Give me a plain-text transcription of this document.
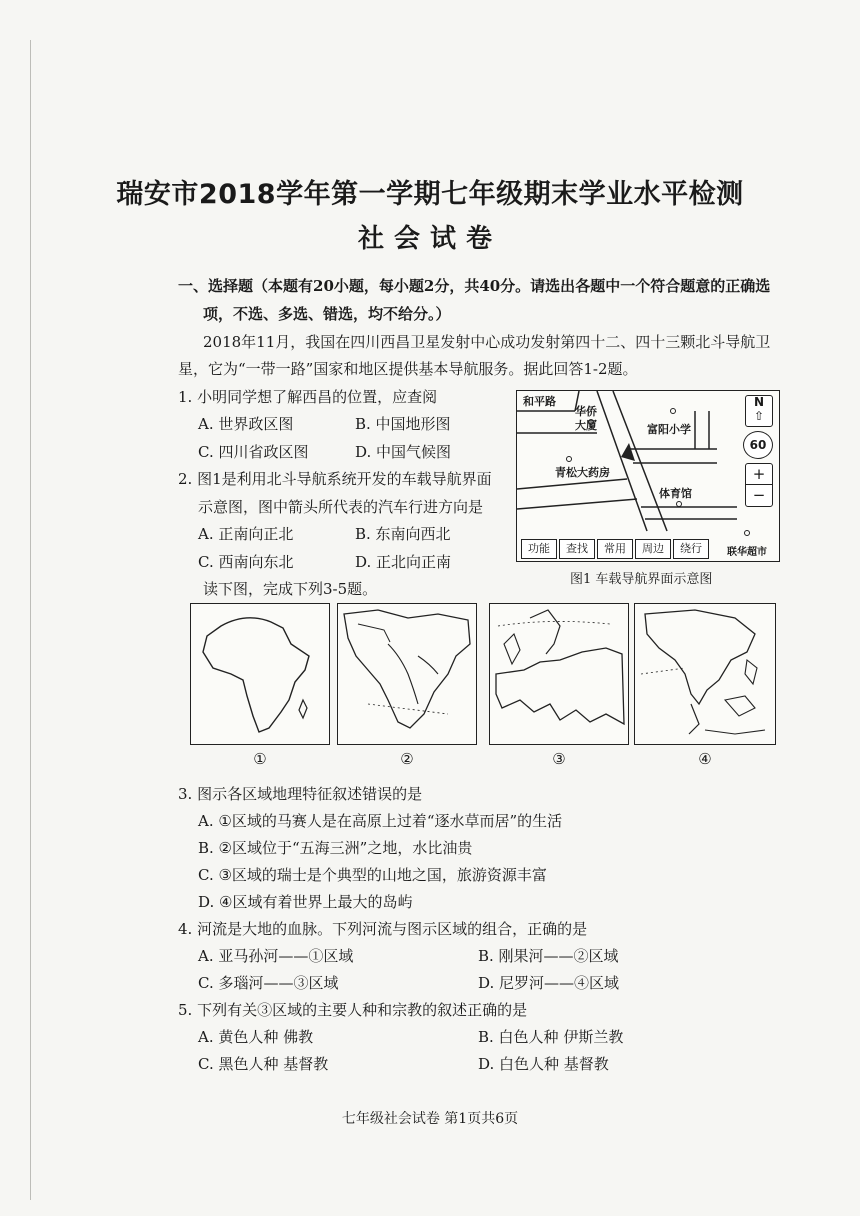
瑞安市2018学年第一学期七年级期末学业水平检测
社会试卷
一、选择题（本题有20小题，每小题2分，共40分。请选出各题中一个符合题意的正确选
项，不选、多选、错选，均不给分。）
2018年11月，我国在四川西昌卫星发射中心成功发射第四十二、四十三颗北斗导航卫
星，它为“一带一路”国家和地区提供基本导航服务。据此回答1-2题。
1. 小明同学想了解西昌的位置，应查阅
A. 世界政区图	B. 中国地形图
C. 四川省政区图	D. 中国气候图
2. 图1是利用北斗导航系统开发的车载导航界面
示意图，图中箭头所代表的汽车行进方向是
A. 正南向正北	B. 东南向西北
C. 西南向东北	D. 正北向正南
和平路
华侨
大厦	富阳小学
青松大药房
体育馆
联华超市
N
⇧
60
+
−
功能	查找	常用	周边	绕行
图1 车载导航界面示意图
读下图，完成下列3-5题。
①	②	③	④
3. 图示各区域地理特征叙述错误的是
A. ①区域的马赛人是在高原上过着“逐水草而居”的生活
B. ②区域位于“五海三洲”之地，水比油贵
C. ③区域的瑞士是个典型的山地之国，旅游资源丰富
D. ④区域有着世界上最大的岛屿
4. 河流是大地的血脉。下列河流与图示区域的组合，正确的是
A. 亚马孙河——①区域	B. 刚果河——②区域
C. 多瑙河——③区域	D. 尼罗河——④区域
5. 下列有关③区域的主要人种和宗教的叙述正确的是
A. 黄色人种 佛教	B. 白色人种 伊斯兰教
C. 黑色人种 基督教	D. 白色人种 基督教
七年级社会试卷 第1页共6页
